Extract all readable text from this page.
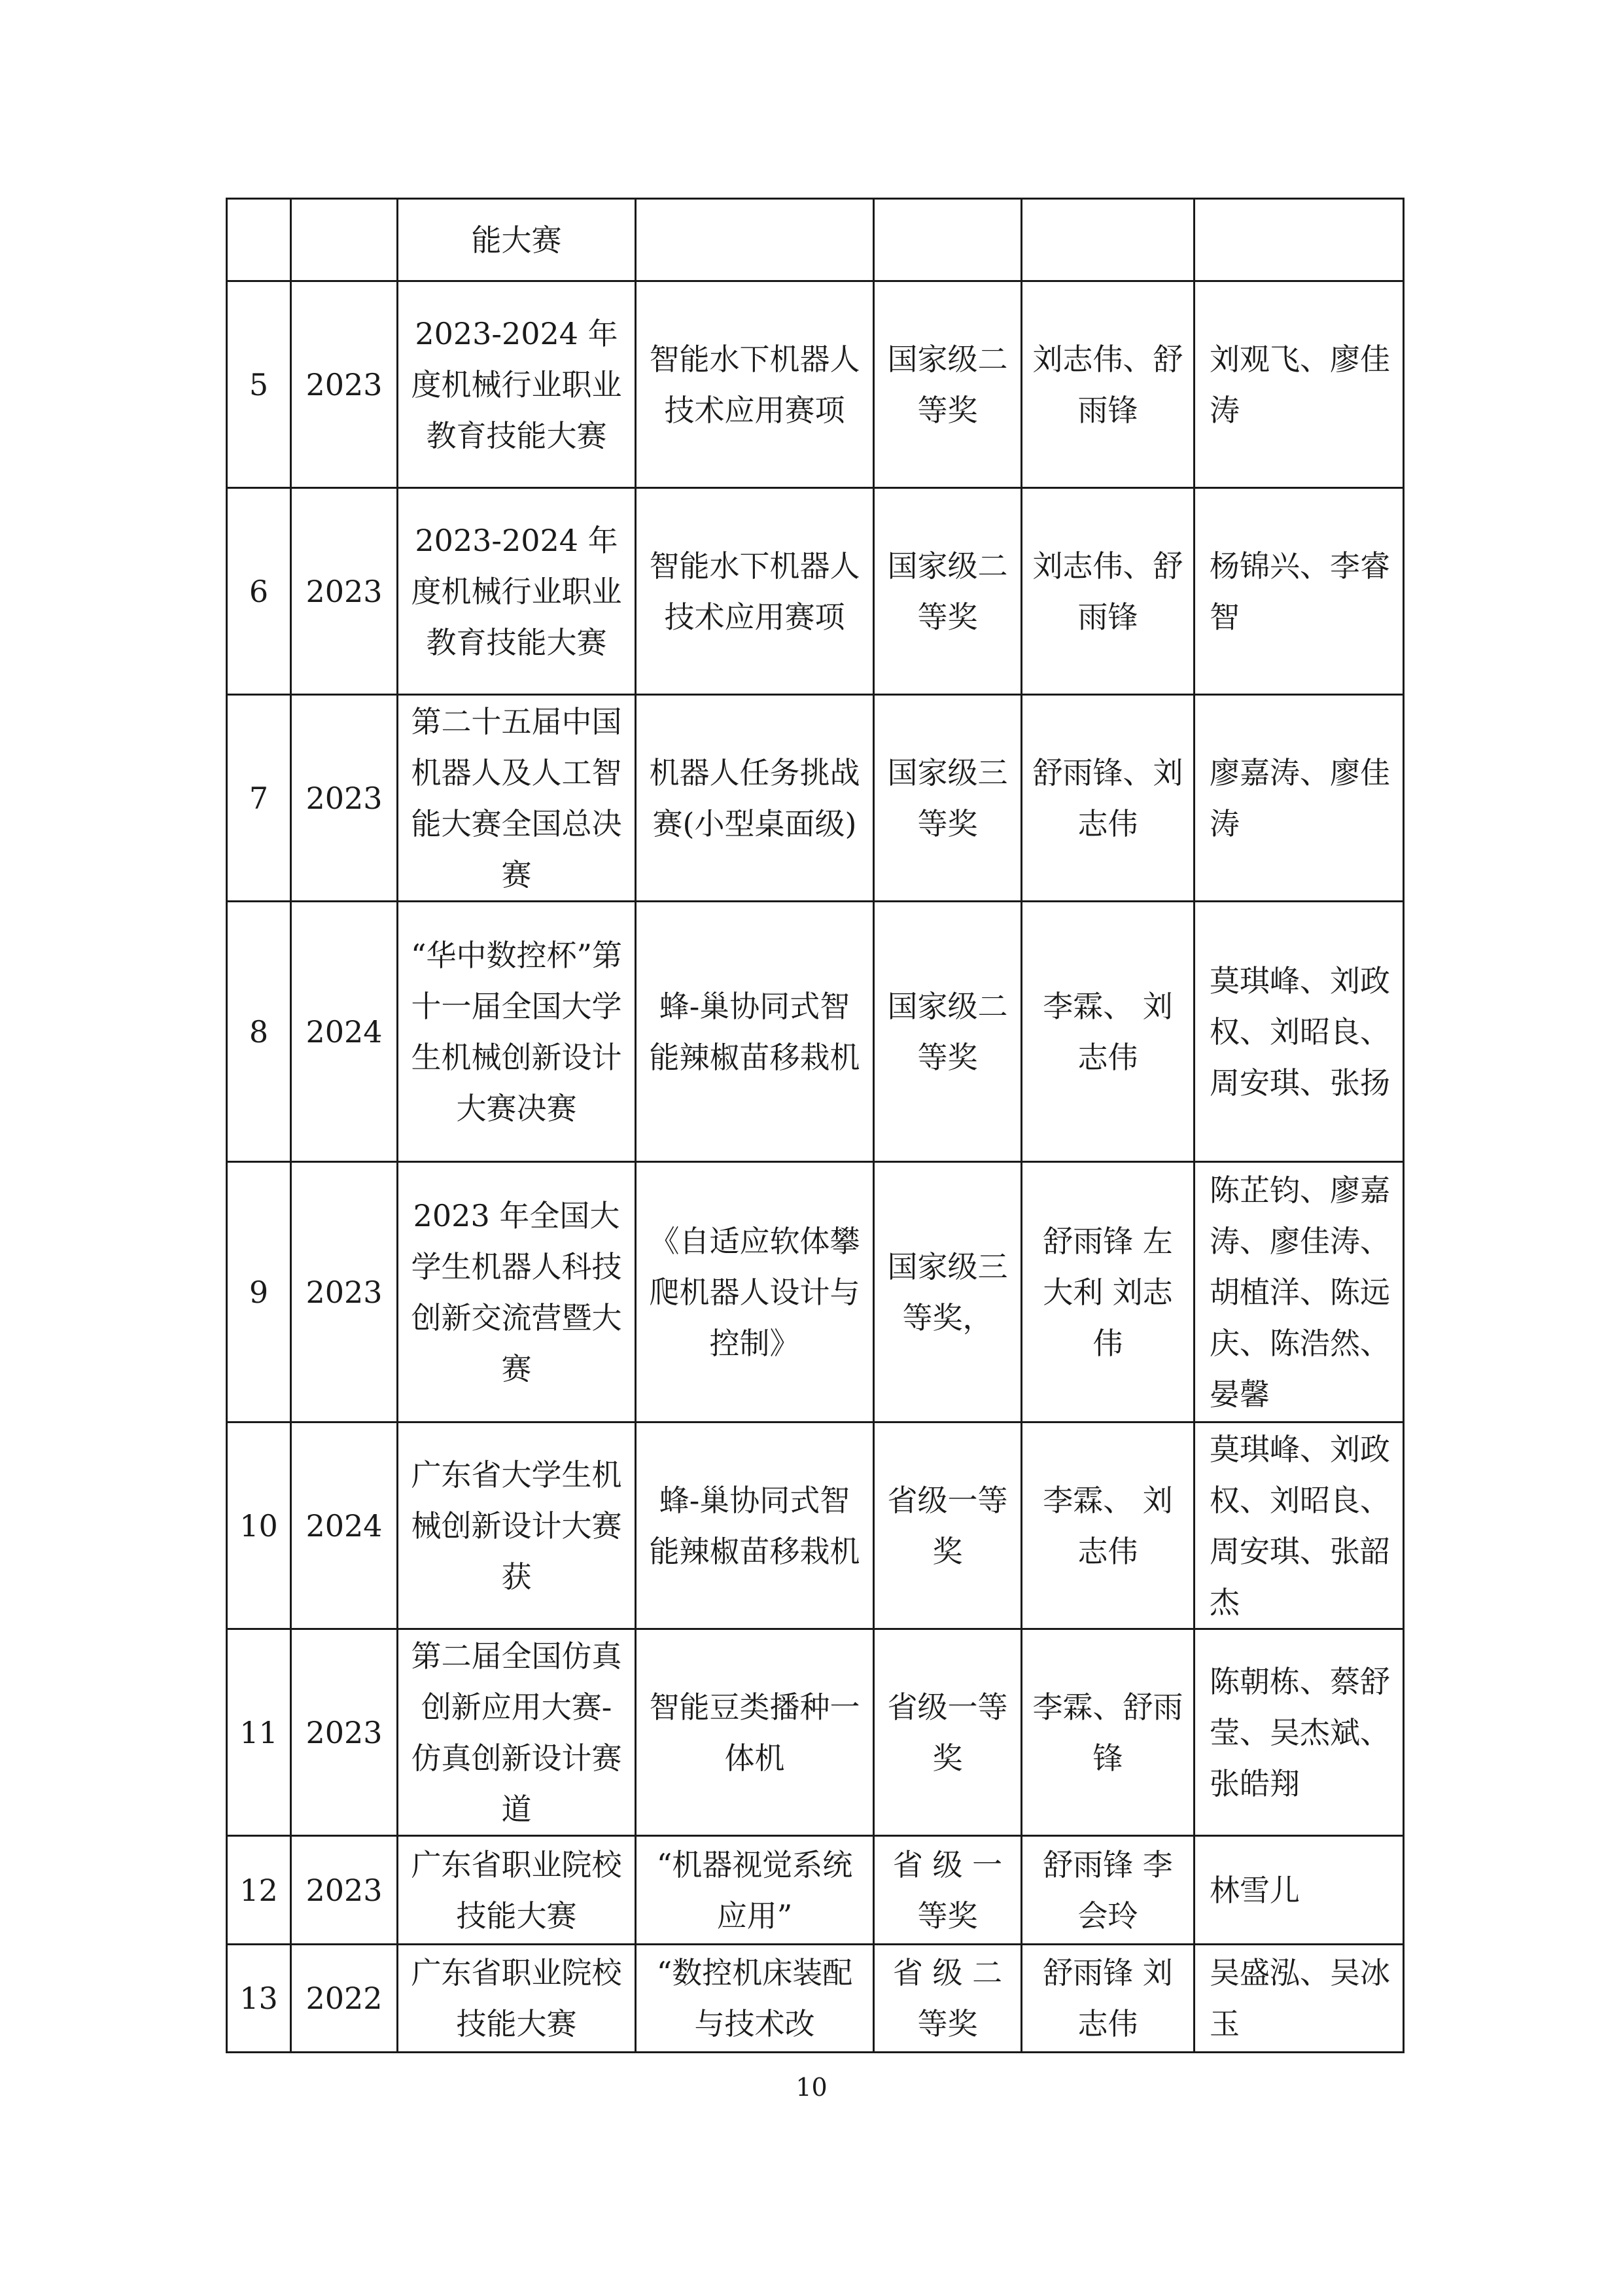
		能大赛				
5	2023	2023-2024 年度机械行业职业教育技能大赛	智能水下机器人技术应用赛项	国家级二等奖	刘志伟、舒雨锋	刘观飞、廖佳涛
6	2023	2023-2024 年度机械行业职业教育技能大赛	智能水下机器人技术应用赛项	国家级二等奖	刘志伟、舒雨锋	杨锦兴、李睿智
7	2023	第二十五届中国机器人及人工智能大赛全国总决赛	机器人任务挑战赛(小型桌面级)	国家级三等奖	舒雨锋、刘志伟	廖嘉涛、廖佳涛
8	2024	“华中数控杯”第十一届全国大学生机械创新设计大赛决赛	蜂-巢协同式智能辣椒苗移栽机	国家级二等奖	李霖、 刘志伟	莫琪峰、刘政权、刘昭良、周安琪、张扬
9	2023	2023 年全国大学生机器人科技创新交流营暨大赛	《自适应软体攀爬机器人设计与控制》	国家级三等奖，	舒雨锋 左大利 刘志伟	陈芷钧、廖嘉涛、廖佳涛、胡植洋、陈远庆、陈浩然、晏馨
10	2024	广东省大学生机械创新设计大赛获	蜂-巢协同式智能辣椒苗移栽机	省级一等奖	李霖、 刘志伟	莫琪峰、刘政权、刘昭良、周安琪、张韶杰
11	2023	第二届全国仿真创新应用大赛-仿真创新设计赛道	智能豆类播种一体机	省级一等奖	李霖、舒雨锋	陈朝栋、蔡舒莹、吴杰斌、张皓翔
12	2023	广东省职业院校技能大赛	“机器视觉系统应用”	省 级 一等奖	舒雨锋 李会玲	林雪儿
13	2022	广东省职业院校技能大赛	“数控机床装配与技术改	省 级 二等奖	舒雨锋 刘志伟	吴盛泓、吴冰玉
10
